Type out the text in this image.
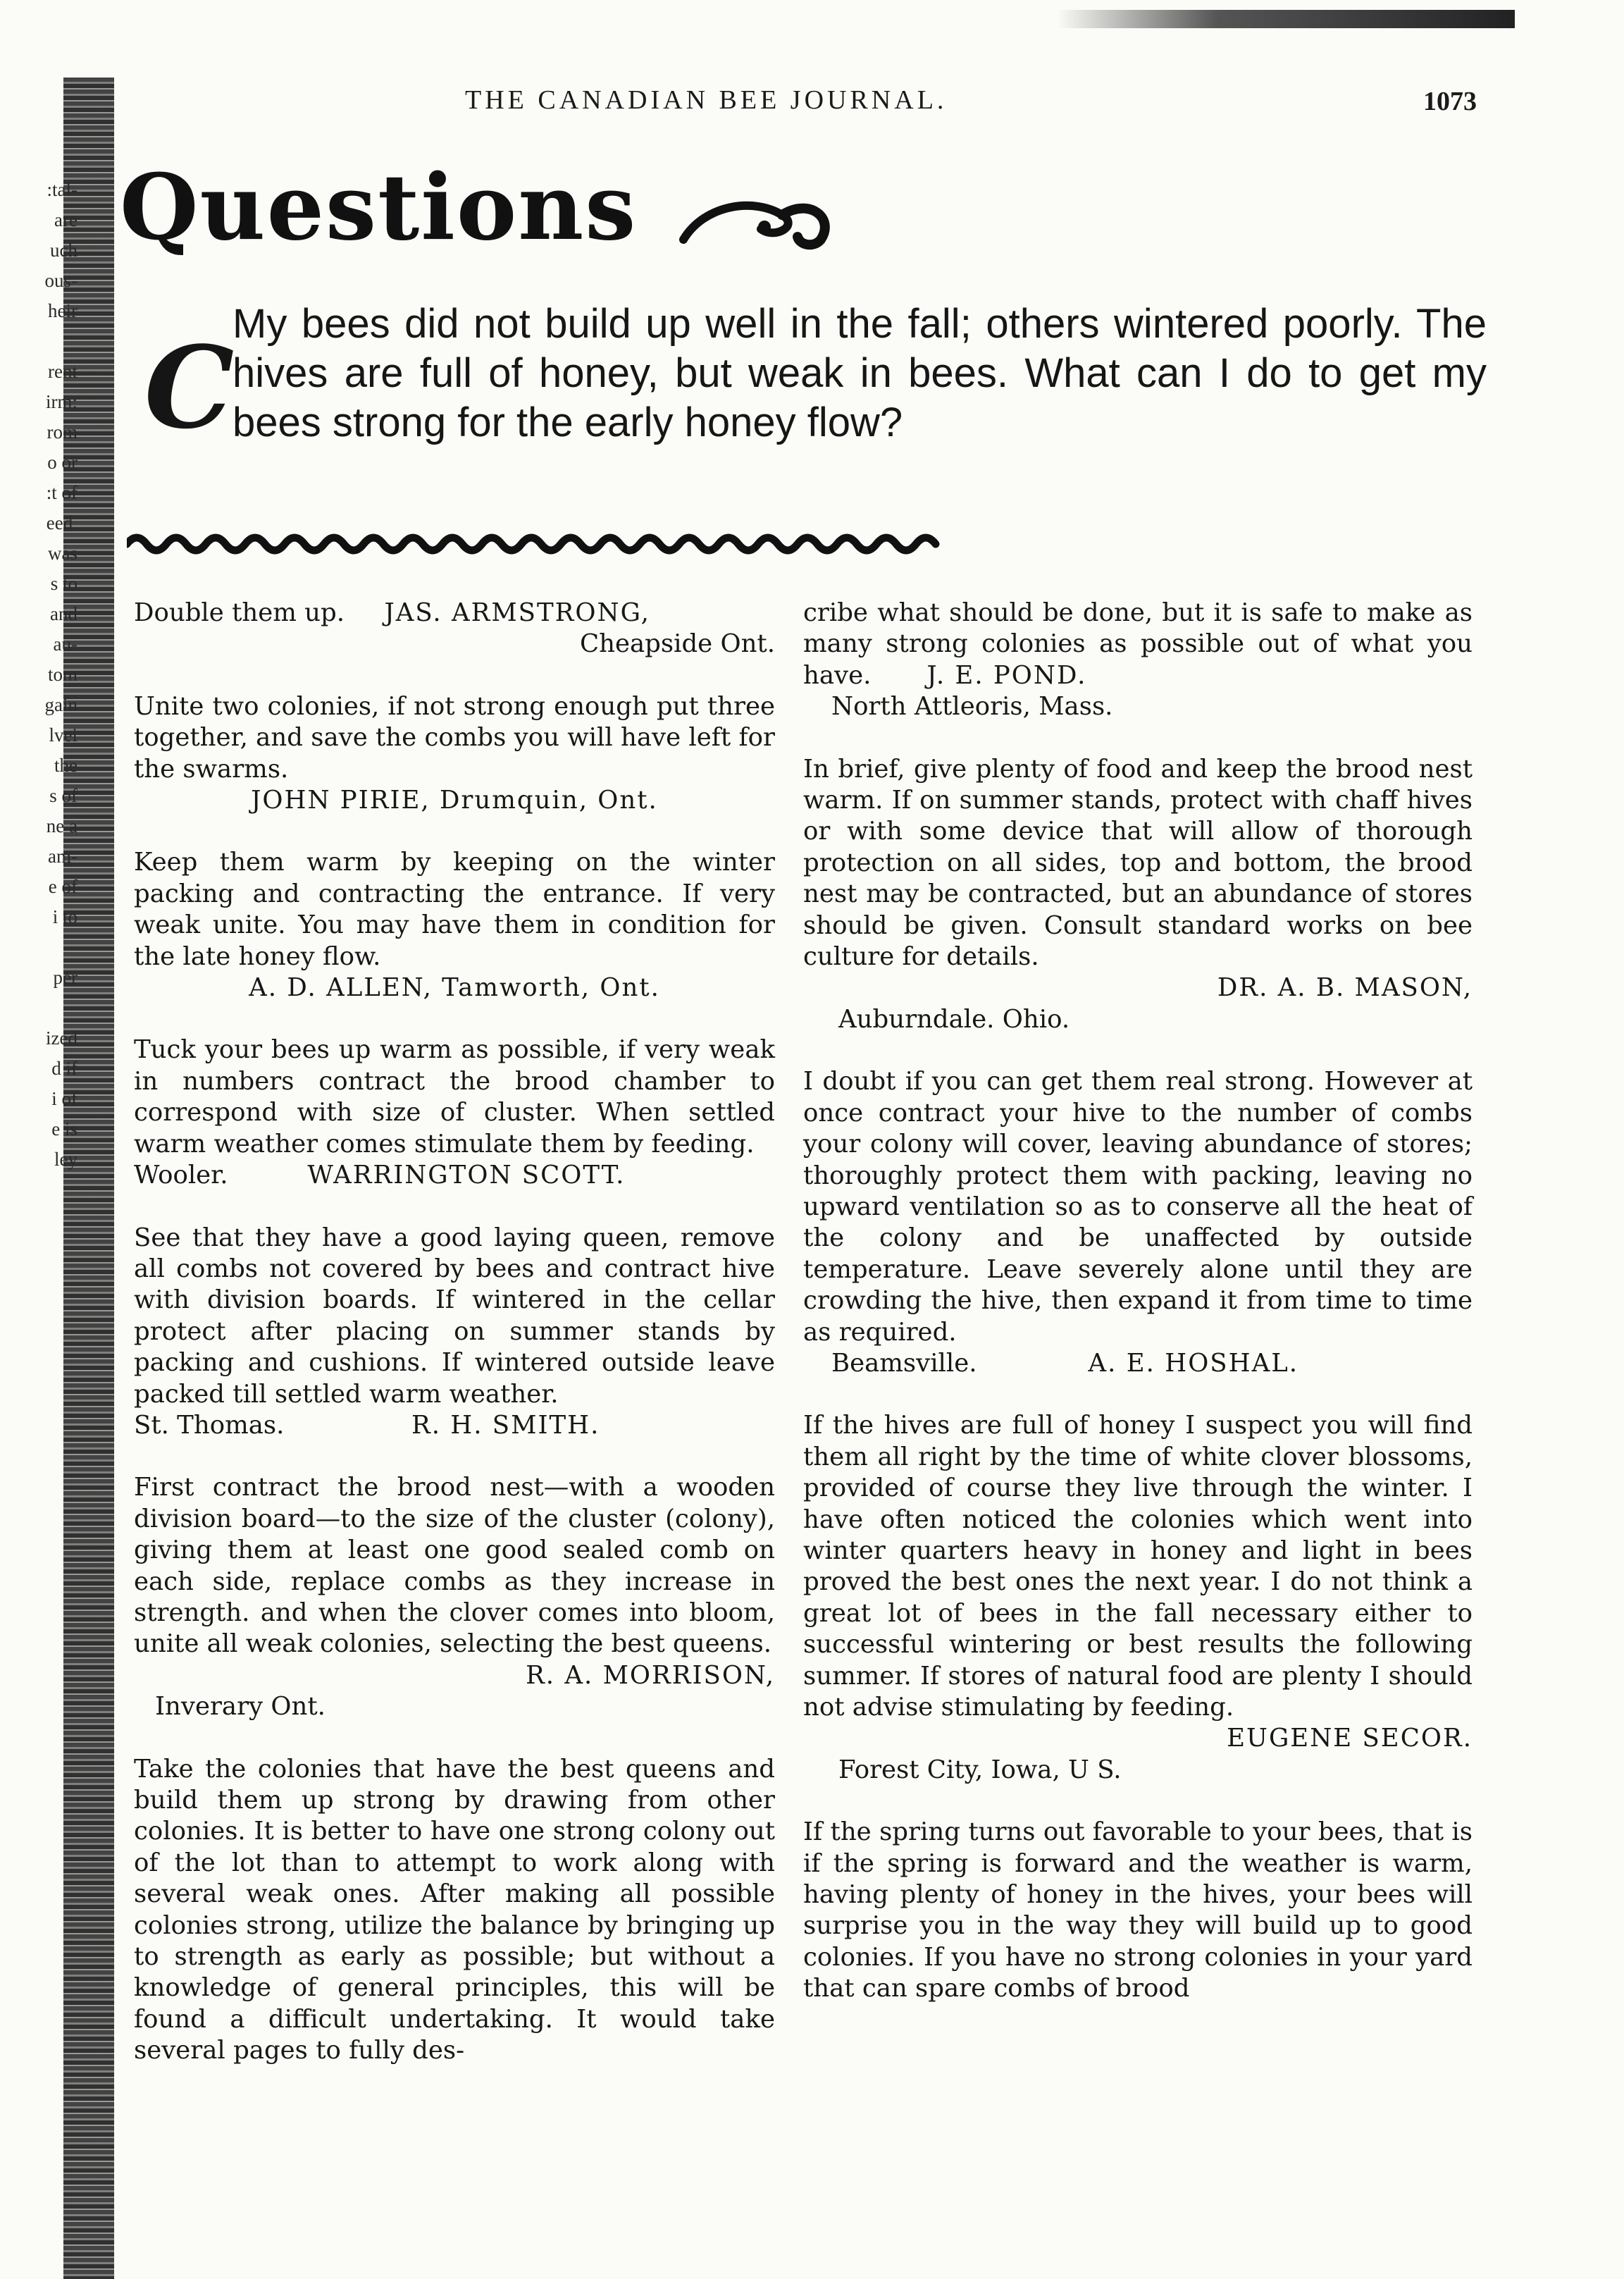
:tal-
are
uch
ous-
heir
rent
irm;
rom
o or
:t of
eed.
was
s to
and
au-
tom
gain
lvei
the
s of
ne a
am-
e of
i to
per
ized
d if
i of
e is
ley
THE CANADIAN BEE JOURNAL.	1073
Questions
C
My bees did not build up well in the fall; others wintered poorly. The hives are full of honey, but weak in bees. What can I do to get my bees strong for the early honey flow?

Double them up. JAS. ARMSTRONG,

Cheapside Ont.

Unite two colonies, if not strong enough put three together, and save the combs you will have left for the swarms.

JOHN PIRIE, Drumquin, Ont.

Keep them warm by keeping on the winter packing and contracting the entrance. If very weak unite. You may have them in condition for the late honey flow.

A. D. ALLEN, Tamworth, Ont.

Tuck your bees up warm as possible, if very weak in numbers contract the brood chamber to correspond with size of cluster. When settled warm weather comes stimulate them by feeding.

Wooler.	WARRINGTON SCOTT.

See that they have a good laying queen, remove all combs not covered by bees and contract hive with division boards. If wintered in the cellar protect after placing on summer stands by packing and cushions. If wintered outside leave packed till settled warm weather.

St. Thomas.	R. H. SMITH.

First contract the brood nest—with a wooden division board—to the size of the cluster (colony), giving them at least one good sealed comb on each side, replace combs as they increase in strength. and when the clover comes into bloom, unite all weak colonies, selecting the best queens.

R. A. MORRISON,
Inverary Ont.

Take the colonies that have the best queens and build them up strong by drawing from other colonies. It is better to have one strong colony out of the lot than to attempt to work along with several weak ones. After making all possible colonies strong, utilize the balance by bringing up to strength as early as possible; but without a knowledge of general principles, this will be found a difficult undertaking. It would take several pages to fully des-

cribe what should be done, but it is safe to make as many strong colonies as possible out of what you have. J. E. POND.

North Attleoris, Mass.

In brief, give plenty of food and keep the brood nest warm. If on summer stands, protect with chaff hives or with some device that will allow of thorough protection on all sides, top and bottom, the brood nest may be contracted, but an abundance of stores should be given. Consult standard works on bee culture for details.

DR. A. B. MASON,
Auburndale. Ohio.

I doubt if you can get them real strong. However at once contract your hive to the number of combs your colony will cover, leaving abundance of stores; thoroughly protect them with packing, leaving no upward ventilation so as to conserve all the heat of the colony and be unaffected by outside temperature. Leave severely alone until they are crowding the hive, then expand it from time to time as required.

Beamsville.	A. E. HOSHAL.

If the hives are full of honey I suspect you will find them all right by the time of white clover blossoms, provided of course they live through the winter. I have often noticed the colonies which went into winter quarters heavy in honey and light in bees proved the best ones the next year. I do not think a great lot of bees in the fall necessary either to successful wintering or best results the following summer. If stores of natural food are plenty I should not advise stimulating by feeding.

EUGENE SECOR.
Forest City, Iowa, U S.

If the spring turns out favorable to your bees, that is if the spring is forward and the weather is warm, having plenty of honey in the hives, your bees will surprise you in the way they will build up to good colonies. If you have no strong colonies in your yard that can spare combs of brood
